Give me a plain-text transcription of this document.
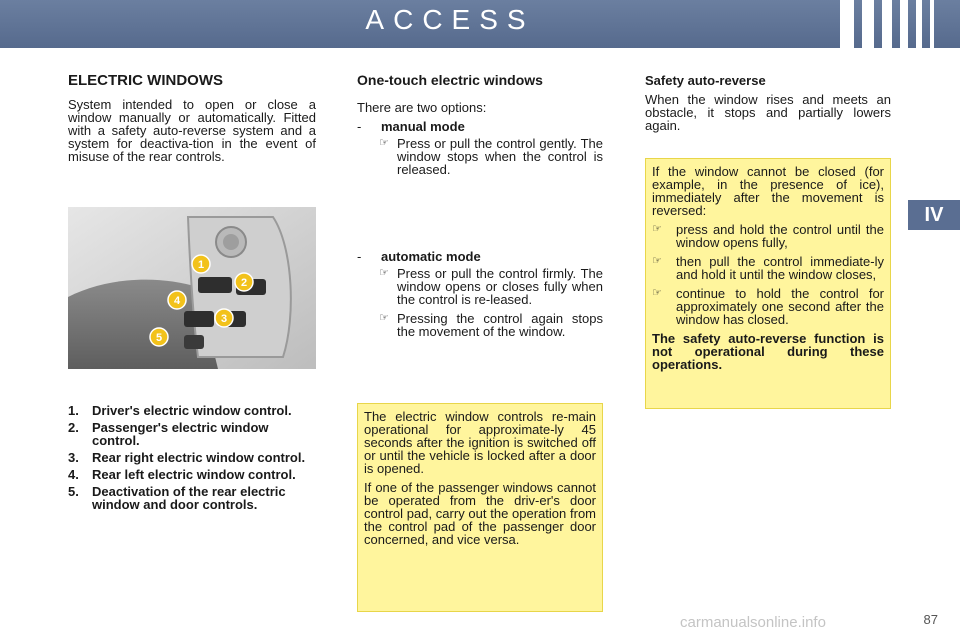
ACCESS
IV
ELECTRIC WINDOWS

System intended to open or close a window manually or automatically. Fitted with a safety auto-reverse system and a system for deactiva-tion in the event of misuse of the rear controls.

1
2
3
4
5
1.	Driver's electric window control.
2.	Passenger's electric window control.
3.	Rear right electric window control.
4.	Rear left electric window control.
5.	Deactivation of the rear electric window and door controls.
One-touch electric windows

There are two options:

-	manual mode
☞ Press or pull the control gently. The window stops when the control is released.
-	automatic mode
☞ Press or pull the control firmly. The window opens or closes fully when the control is re-leased.
☞ Pressing the control again stops the movement of the window.

The electric window controls re-main operational for approximate-ly 45 seconds after the ignition is switched off or until the vehicle is locked after a door is opened.

If one of the passenger windows cannot be operated from the driv-er's door control pad, carry out the operation from the control pad of the passenger door concerned, and vice versa.

Safety auto-reverse

When the window rises and meets an obstacle, it stops and partially lowers again.

If the window cannot be closed (for example, in the presence of ice), immediately after the movement is reversed:

☞	press and hold the control until the window opens fully,
☞	then pull the control immediate-ly and hold it until the window closes,
☞	continue to hold the control for approximately one second after the window has closed.

The safety auto-reverse function is not operational during these operations.

carmanualsonline.info	87
